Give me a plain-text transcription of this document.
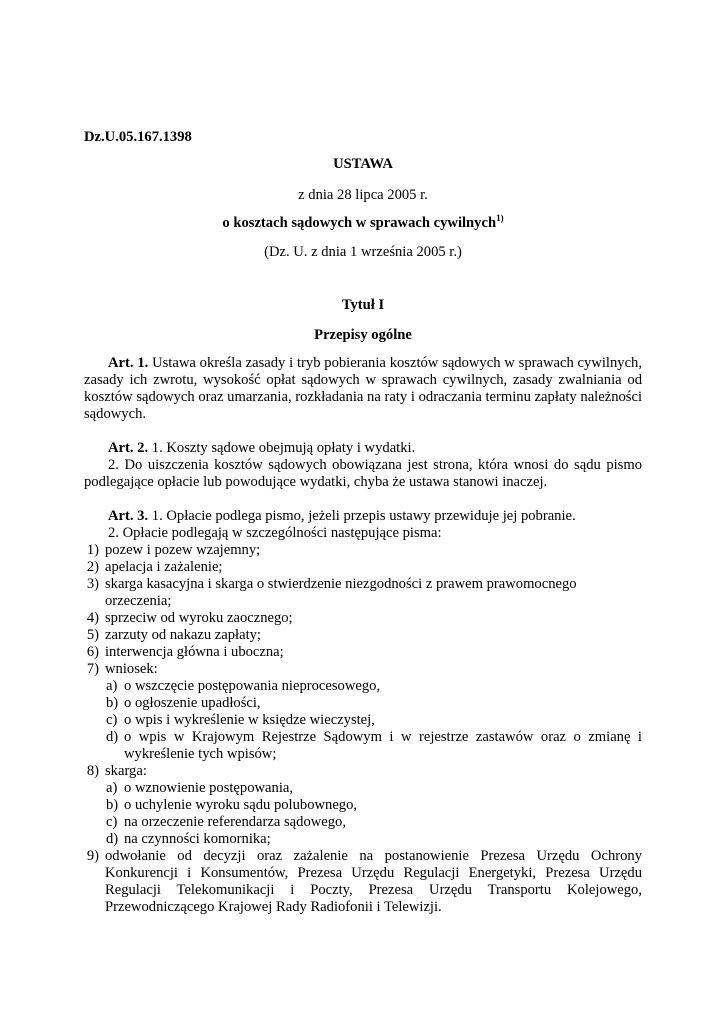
Dz.U.05.167.1398
USTAWA
z dnia 28 lipca 2005 r.
o kosztach sądowych w sprawach cywilnych$^{1)}$
(Dz. U. z dnia 1 września 2005 r.)
Tytuł I
Przepisy ogólne

Art. 1. Ustawa określa zasady i tryb pobierania kosztów sądowych w sprawach cywilnych, zasady ich zwrotu, wysokość opłat sądowych w sprawach cywilnych, zasady zwalniania od kosztów sądowych oraz umarzania, rozkładania na raty i odraczania terminu zapłaty należności sądowych.

Art. 2. 1. Koszty sądowe obejmują opłaty i wydatki.

2. Do uiszczenia kosztów sądowych obowiązana jest strona, która wnosi do sądu pismo podlegające opłacie lub powodujące wydatki, chyba że ustawa stanowi inaczej.

Art. 3. 1. Opłacie podlega pismo, jeżeli przepis ustawy przewiduje jej pobranie.

2. Opłacie podlegają w szczególności następujące pisma:

1) pozew i pozew wzajemny;
2) apelacja i zażalenie;
3) skarga kasacyjna i skarga o stwierdzenie niezgodności z prawem prawomocnego orzeczenia;
4) sprzeciw od wyroku zaocznego;
5) zarzuty od nakazu zapłaty;
6) interwencja główna i uboczna;
7) wniosek:
a) o wszczęcie postępowania nieprocesowego,
b) o ogłoszenie upadłości,
c) o wpis i wykreślenie w księdze wieczystej,
d) o wpis w Krajowym Rejestrze Sądowym i w rejestrze zastawów oraz o zmianę i wykreślenie tych wpisów;
8) skarga:
a) o wznowienie postępowania,
b) o uchylenie wyroku sądu polubownego,
c) na orzeczenie referendarza sądowego,
d) na czynności komornika;
9) odwołanie od decyzji oraz zażalenie na postanowienie Prezesa Urzędu Ochrony Konkurencji i Konsumentów, Prezesa Urzędu Regulacji Energetyki, Prezesa Urzędu Regulacji Telekomunikacji i Poczty, Prezesa Urzędu Transportu Kolejowego, Przewodniczącego Krajowej Rady Radiofonii i Telewizji.
